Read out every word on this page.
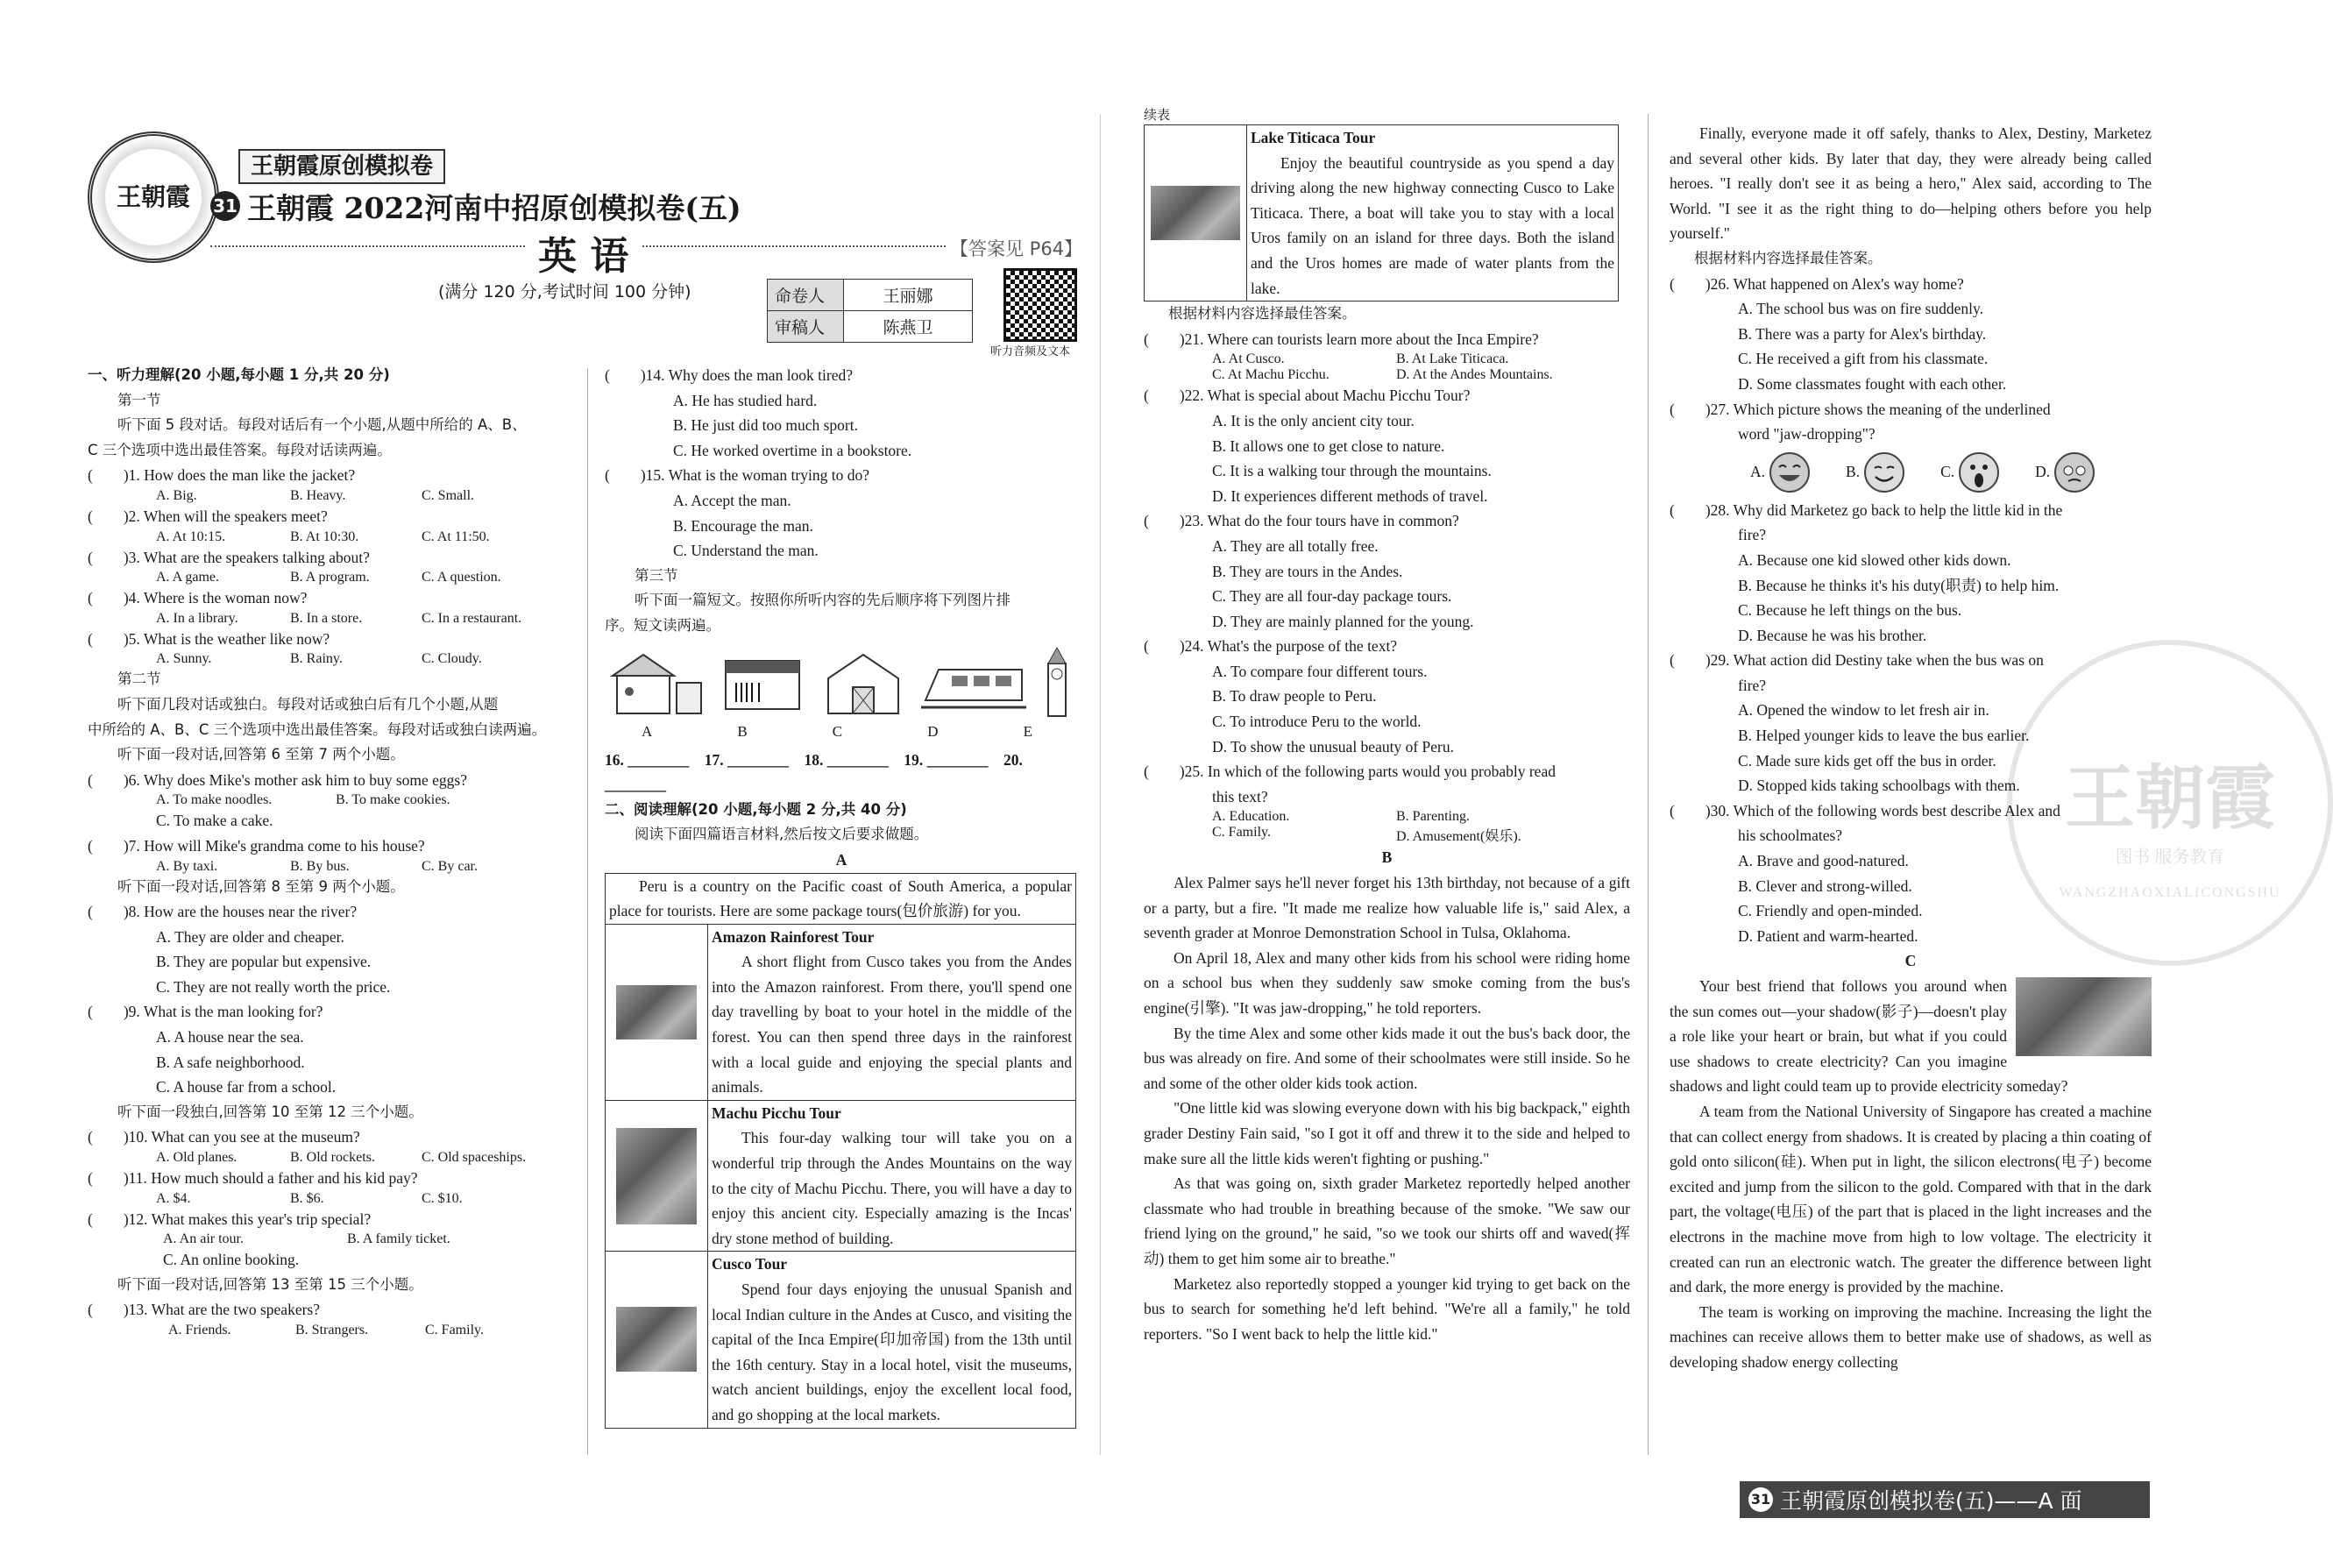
王朝霞
王朝霞原创模拟卷
31 王朝霞 2022河南中招原创模拟卷(五)
英 语	【答案见 P64】
(满分 120 分,考试时间 100 分钟)	命卷人	王丽娜
审稿人	陈燕卫
听力音频及文本
一、听力理解(20 小题,每小题 1 分,共 20 分)
第一节
听下面 5 段对话。每段对话后有一个小题,从题中所给的 A、B、
C 三个选项中选出最佳答案。每段对话读两遍。
(　　)1. How does the man like the jacket?
A. Big.	B. Heavy.	C. Small.
(　　)2. When will the speakers meet?
A. At 10:15.	B. At 10:30.	C. At 11:50.
(　　)3. What are the speakers talking about?
A. A game.	B. A program.	C. A question.
(　　)4. Where is the woman now?
A. In a library.	B. In a store.	C. In a restaurant.
(　　)5. What is the weather like now?
A. Sunny.	B. Rainy.	C. Cloudy.
第二节
听下面几段对话或独白。每段对话或独白后有几个小题,从题
中所给的 A、B、C 三个选项中选出最佳答案。每段对话或独白读两遍。
听下面一段对话,回答第 6 至第 7 两个小题。
(　　)6. Why does Mike's mother ask him to buy some eggs?
A. To make noodles.	B. To make cookies.
C. To make a cake.
(　　)7. How will Mike's grandma come to his house?
A. By taxi.	B. By bus.	C. By car.
听下面一段对话,回答第 8 至第 9 两个小题。
(　　)8. How are the houses near the river?
A. They are older and cheaper.
B. They are popular but expensive.
C. They are not really worth the price.
(　　)9. What is the man looking for?
A. A house near the sea.
B. A safe neighborhood.
C. A house far from a school.
听下面一段独白,回答第 10 至第 12 三个小题。
(　　)10. What can you see at the museum?
A. Old planes.	B. Old rockets.	C. Old spaceships.
(　　)11. How much should a father and his kid pay?
A. $4.	B. $6.	C. $10.
(　　)12. What makes this year's trip special?
A. An air tour.	B. A family ticket.
C. An online booking.
听下面一段对话,回答第 13 至第 15 三个小题。
(　　)13. What are the two speakers?
A. Friends.	B. Strangers.	C. Family.
(　　)14. Why does the man look tired?
A. He has studied hard.
B. He just did too much sport.
C. He worked overtime in a bookstore.
(　　)15. What is the woman trying to do?
A. Accept the man.
B. Encourage the man.
C. Understand the man.
第三节
听下面一篇短文。按照你所听内容的先后顺序将下列图片排
序。短文读两遍。
A	B	C	D	E
16. ________　17. ________　18. ________　19. ________　20. ________
二、阅读理解(20 小题,每小题 2 分,共 40 分)
阅读下面四篇语言材料,然后按文后要求做题。
A
Peru is a country on the Pacific coast of South America, a popular place for tourists. Here are some package tours(包价旅游) for you.
Amazon Rainforest Tour
A short flight from Cusco takes you from the Andes into the Amazon rainforest. From there, you'll spend one day travelling by boat to your hotel in the middle of the forest. You can then spend three days in the rainforest with a local guide and enjoying the special plants and animals.
Machu Picchu Tour
This four-day walking tour will take you on a wonderful trip through the Andes Mountains on the way to the city of Machu Picchu. There, you will have a day to enjoy this ancient city. Especially amazing is the Incas' dry stone method of building.
Cusco Tour
Spend four days enjoying the unusual Spanish and local Indian culture in the Andes at Cusco, and visiting the capital of the Inca Empire(印加帝国) from the 13th until the 16th century. Stay in a local hotel, visit the museums, watch ancient buildings, enjoy the excellent local food, and go shopping at the local markets.
续表
Lake Titicaca Tour
Enjoy the beautiful countryside as you spend a day driving along the new highway connecting Cusco to Lake Titicaca. There, a boat will take you to stay with a local Uros family on an island for three days. Both the island and the Uros homes are made of water plants from the lake.
根据材料内容选择最佳答案。
(　　)21. Where can tourists learn more about the Inca Empire?
A. At Cusco.	B. At Lake Titicaca.
C. At Machu Picchu.	D. At the Andes Mountains.
(　　)22. What is special about Machu Picchu Tour?
A. It is the only ancient city tour.
B. It allows one to get close to nature.
C. It is a walking tour through the mountains.
D. It experiences different methods of travel.
(　　)23. What do the four tours have in common?
A. They are all totally free.
B. They are tours in the Andes.
C. They are all four-day package tours.
D. They are mainly planned for the young.
(　　)24. What's the purpose of the text?
A. To compare four different tours.
B. To draw people to Peru.
C. To introduce Peru to the world.
D. To show the unusual beauty of Peru.
(　　)25. In which of the following parts would you probably read
this text?
A. Education.	B. Parenting.
C. Family.	D. Amusement(娱乐).
B
Alex Palmer says he'll never forget his 13th birthday, not because of a gift or a party, but a fire. "It made me realize how valuable life is," said Alex, a seventh grader at Monroe Demonstration School in Tulsa, Oklahoma.
On April 18, Alex and many other kids from his school were riding home on a school bus when they suddenly saw smoke coming from the bus's engine(引擎). "It was jaw-dropping," he told reporters.
By the time Alex and some other kids made it out the bus's back door, the bus was already on fire. And some of their schoolmates were still inside. So he and some of the other older kids took action.
"One little kid was slowing everyone down with his big backpack," eighth grader Destiny Fain said, "so I got it off and threw it to the side and helped to make sure all the little kids weren't fighting or pushing."
As that was going on, sixth grader Marketez reportedly helped another classmate who had trouble in breathing because of the smoke. "We saw our friend lying on the ground," he said, "so we took our shirts off and waved(挥动) them to get him some air to breathe."
Marketez also reportedly stopped a younger kid trying to get back on the bus to search for something he'd left behind. "We're all a family," he told reporters. "So I went back to help the little kid."
Finally, everyone made it off safely, thanks to Alex, Destiny, Marketez and several other kids. By later that day, they were already being called heroes. "I really don't see it as being a hero," Alex said, according to The World. "I see it as the right thing to do—helping others before you help yourself."
根据材料内容选择最佳答案。
(　　)26. What happened on Alex's way home?
A. The school bus was on fire suddenly.
B. There was a party for Alex's birthday.
C. He received a gift from his classmate.
D. Some classmates fought with each other.
(　　)27. Which picture shows the meaning of the underlined
word "jaw-dropping"?
A.	B.	C.	D.
(　　)28. Why did Marketez go back to help the little kid in the
fire?
A. Because one kid slowed other kids down.
B. Because he thinks it's his duty(职责) to help him.
C. Because he left things on the bus.
D. Because he was his brother.
(　　)29. What action did Destiny take when the bus was on
fire?
A. Opened the window to let fresh air in.
B. Helped younger kids to leave the bus earlier.
C. Made sure kids get off the bus in order.
D. Stopped kids taking schoolbags with them.
(　　)30. Which of the following words best describe Alex and
his schoolmates?
A. Brave and good-natured.
B. Clever and strong-willed.
C. Friendly and open-minded.
D. Patient and warm-hearted.
C
Your best friend that follows you around when the sun comes out—your shadow(影子)—doesn't play a role like your heart or brain, but what if you could use shadows to create electricity? Can you imagine shadows and light could team up to provide electricity someday?
A team from the National University of Singapore has created a machine that can collect energy from shadows. It is created by placing a thin coating of gold onto silicon(硅). When put in light, the silicon electrons(电子) become excited and jump from the silicon to the gold. Compared with that in the dark part, the voltage(电压) of the part that is placed in the light increases and the electrons in the machine move from high to low voltage. The electricity it created can run an electronic watch. The greater the difference between light and dark, the more energy is provided by the machine.
The team is working on improving the machine. Increasing the light the machines can receive allows them to better make use of shadows, as well as developing shadow energy collecting
王朝霞
图书 服务教育
WANGZHAOXIALICONGSHU
31 王朝霞原创模拟卷(五)——A 面
